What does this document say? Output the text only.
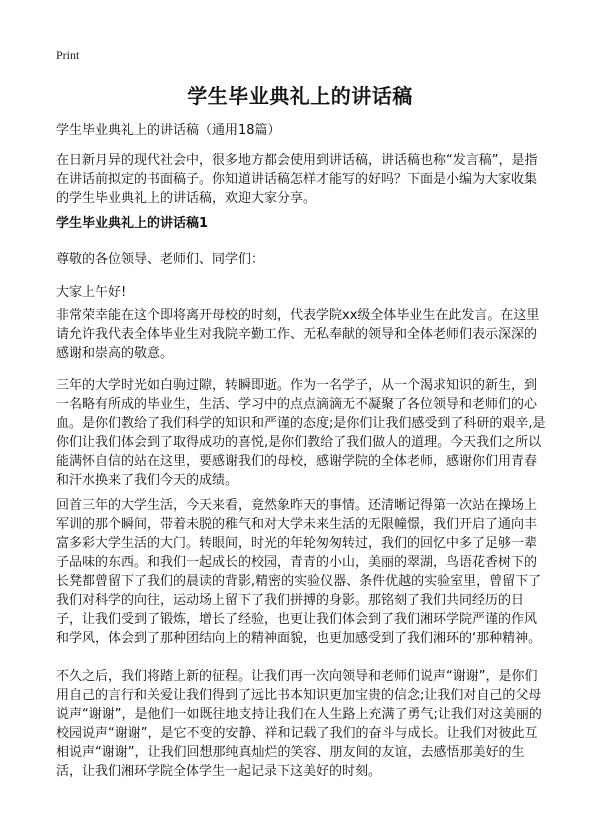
Print
学生毕业典礼上的讲话稿
学生毕业典礼上的讲话稿（通用18篇）
在日新月异的现代社会中，很多地方都会使用到讲话稿，讲话稿也称“发言稿”，是指在讲话前拟定的书面稿子。你知道讲话稿怎样才能写的好吗？下面是小编为大家收集的学生毕业典礼上的讲话稿，欢迎大家分享。
学生毕业典礼上的讲话稿1
尊敬的各位领导、老师们、同学们：
大家上午好!
非常荣幸能在这个即将离开母校的时刻，代表学院xx级全体毕业生在此发言。在这里请允许我代表全体毕业生对我院辛勤工作、无私奉献的领导和全体老师们表示深深的感谢和崇高的敬意。
三年的大学时光如白驹过隙，转瞬即逝。作为一名学子，从一个渴求知识的新生，到一名略有所成的毕业生，生活、学习中的点点滴滴无不凝聚了各位领导和老师们的心血。是你们教给了我们科学的知识和严谨的态度;是你们让我们感受到了科研的艰辛,是你们让我们体会到了取得成功的喜悦,是你们教给了我们做人的道理。今天我们之所以能满怀自信的站在这里，要感谢我们的母校，感谢学院的全体老师，感谢你们用青春和汗水换来了我们今天的成绩。
回首三年的大学生活，今天来看，竟然象昨天的事情。还清晰记得第一次站在操场上军训的那个瞬间，带着未脱的稚气和对大学未来生活的无限幢憬，我们开启了通向丰富多彩大学生活的大门。转眼间，时光的年轮匆匆转过，我们的回忆中多了足够一辈子品味的东西。和我们一起成长的校园，青青的小山，美丽的翠湖，鸟语花香树下的长凳都曾留下了我们的晨读的背影,精密的实验仪器、条件优越的实验室里，曾留下了我们对科学的向往，运动场上留下了我们拼搏的身影。那铭刻了我们共同经历的日子，让我们受到了锻炼，增长了经验，也更让我们体会到了我们湘环学院严谨的作风和学风，体会到了那种团结向上的精神面貌，也更加感受到了我们湘环的‘那种精神。
不久之后，我们将踏上新的征程。让我们再一次向领导和老师们说声“谢谢”，是你们用自己的言行和关爱让我们得到了远比书本知识更加宝贵的信念;让我们对自己的父母说声“谢谢”，是他们一如既往地支持让我们在人生路上充满了勇气;让我们对这美丽的校园说声“谢谢”，是它不变的安静、祥和记载了我们的奋斗与成长。让我们对彼此互相说声“谢谢”，让我们回想那纯真灿烂的笑容、朋友间的友谊，去感悟那美好的生活，让我们湘环学院全体学生一起记录下这美好的时刻。
